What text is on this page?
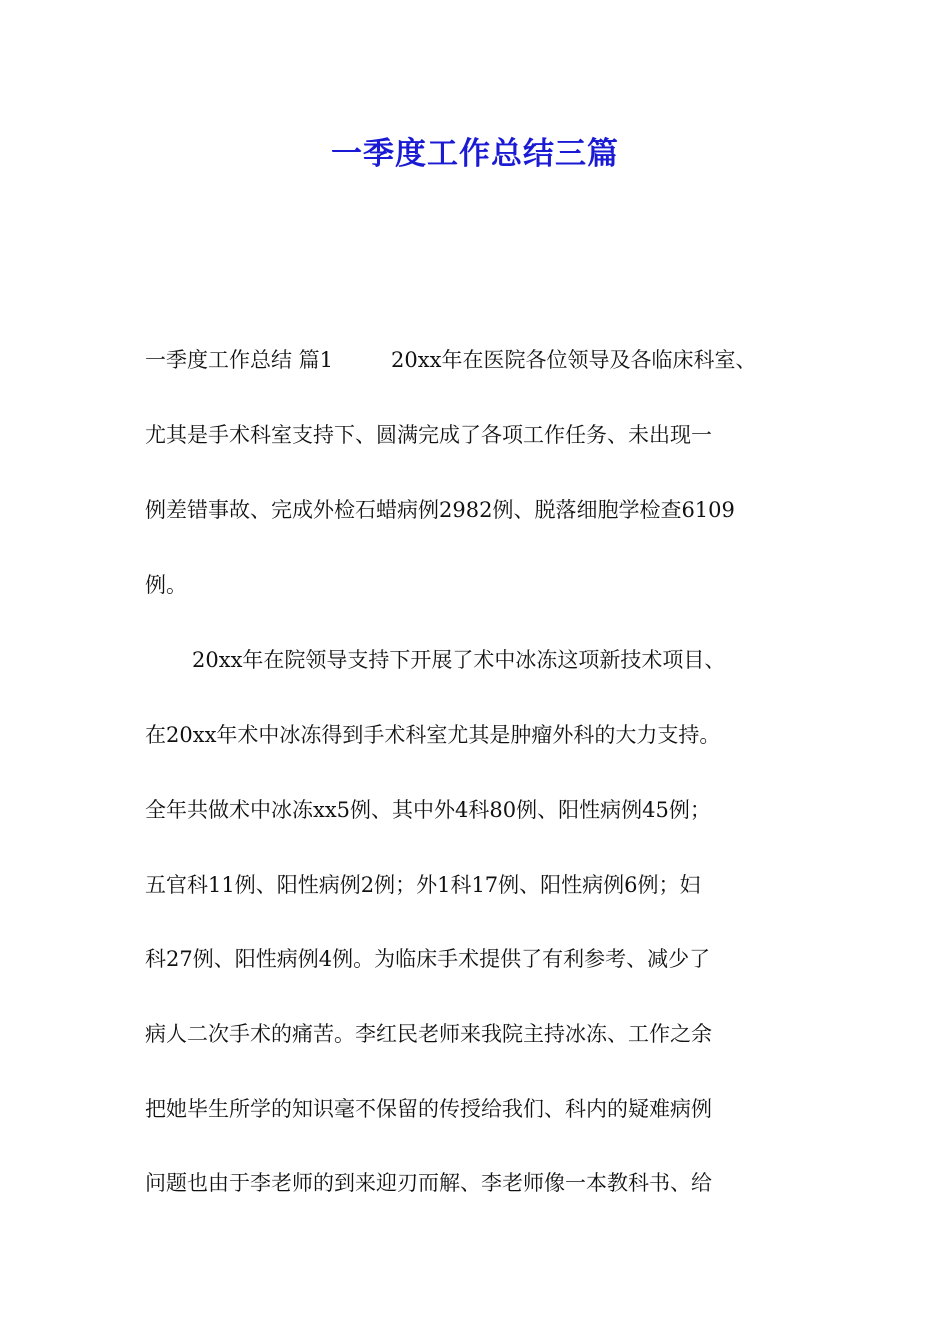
一季度工作总结三篇
一季度工作总结 篇1	20xx年在医院各位领导及各临床科室、
尤其是手术科室支持下、圆满完成了各项工作任务、未出现一
例差错事故、完成外检石蜡病例2982例、脱落细胞学检查6109
例。
20xx年在院领导支持下开展了术中冰冻这项新技术项目、
在20xx年术中冰冻得到手术科室尤其是肿瘤外科的大力支持。
全年共做术中冰冻xx5例、其中外4科80例、阳性病例45例；
五官科11例、阳性病例2例；外1科17例、阳性病例6例；妇
科27例、阳性病例4例。为临床手术提供了有利参考、减少了
病人二次手术的痛苦。李红民老师来我院主持冰冻、工作之余
把她毕生所学的知识毫不保留的传授给我们、科内的疑难病例
问题也由于李老师的到来迎刃而解、李老师像一本教科书、给
